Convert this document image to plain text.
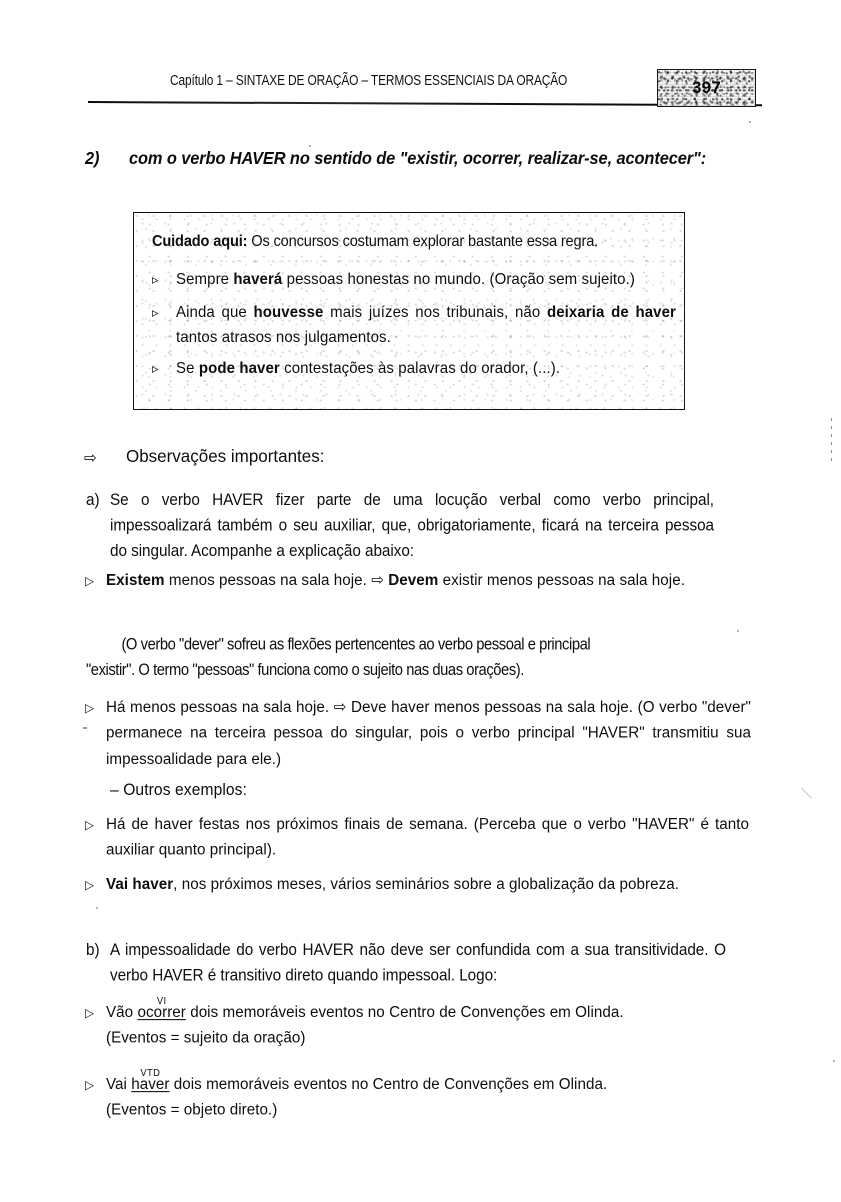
Capítulo 1 – SINTAXE DE ORAÇÃO – TERMOS ESSENCIAIS DA ORAÇÃO	397
2) com o verbo HAVER no sentido de "existir, ocorrer, realizar-se, acontecer":
Cuidado aqui: Os concursos costumam explorar bastante essa regra.
▹ Sempre haverá pessoas honestas no mundo. (Oração sem sujeito.)
▹ Ainda que houvesse mais juízes nos tribunais, não deixaria de haver tantos atrasos nos julgamentos.
▹ Se pode haver contestações às palavras do orador, (...).
⇨ Observações importantes:
a) Se o verbo HAVER fizer parte de uma locução verbal como verbo principal, impessoalizará também o seu auxiliar, que, obrigatoriamente, ficará na terceira pessoa do singular. Acompanhe a explicação abaixo:
▷ Existem menos pessoas na sala hoje. ⇨ Devem existir menos pessoas na sala hoje.
(O verbo "dever" sofreu as flexões pertencentes ao verbo pessoal e principal
"existir". O termo "pessoas" funciona como o sujeito nas duas orações).
▷ Há menos pessoas na sala hoje. ⇨ Deve haver menos pessoas na sala hoje. (O verbo "dever" permanece na terceira pessoa do singular, pois o verbo principal "HAVER" transmitiu sua impessoalidade para ele.)
– Outros exemplos:
▷ Há de haver festas nos próximos finais de semana. (Perceba que o verbo "HAVER" é tanto auxiliar quanto principal).
▷ Vai haver, nos próximos meses, vários seminários sobre a globalização da pobreza.
b) A impessoalidade do verbo HAVER não deve ser confundida com a sua transitividade. O verbo HAVER é transitivo direto quando impessoal. Logo:
▷ Vão
VI
ocorrer dois memoráveis eventos no Centro de Convenções em Olinda.
(Eventos = sujeito da oração)
▷ Vai
VTD
haver dois memoráveis eventos no Centro de Convenções em Olinda.
(Eventos = objeto direto.)
＼
